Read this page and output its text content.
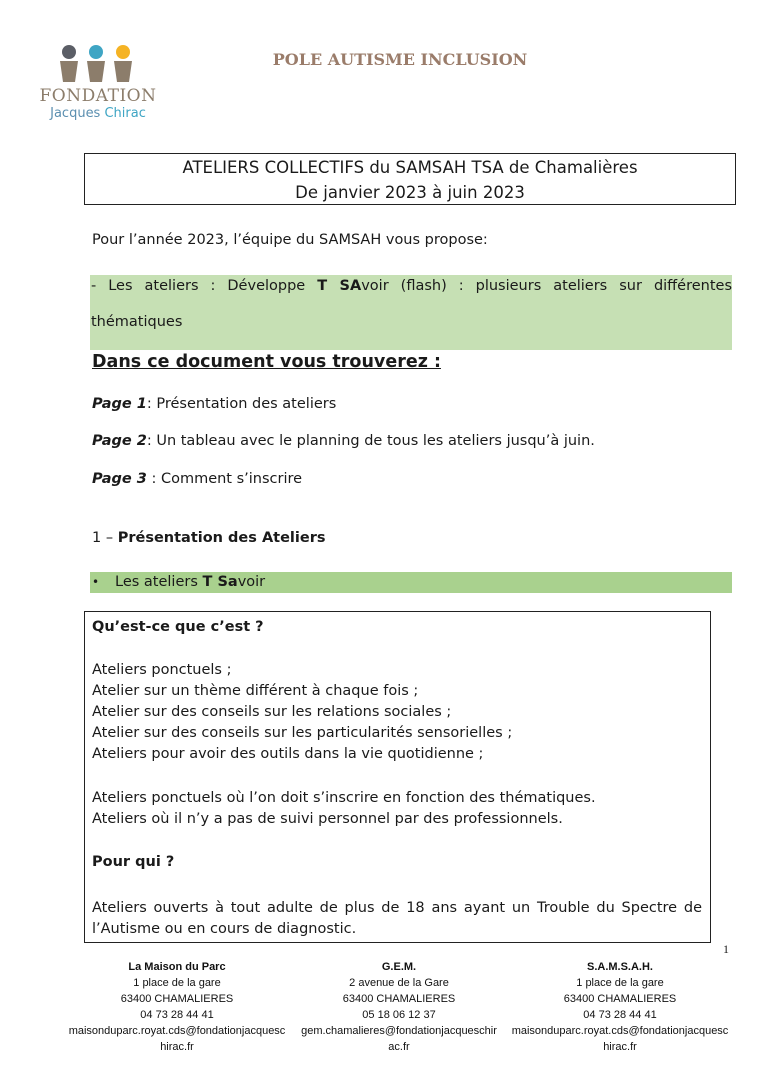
FONDATION
Jacques Chirac
POLE AUTISME INCLUSION
ATELIERS COLLECTIFS du SAMSAH TSA de Chamalières
De janvier 2023 à juin 2023
Pour l’année 2023, l’équipe du SAMSAH vous propose:
- Les ateliers : Développe T SAvoir (flash) : plusieurs ateliers sur différentes
thématiques
Dans ce document vous trouverez :
Page 1: Présentation des ateliers
Page 2: Un tableau avec le planning de tous les ateliers jusqu’à juin.
Page 3 : Comment s’inscrire
1 – Présentation des Ateliers
• Les ateliers T Savoir
Qu’est-ce que c’est ?
Ateliers ponctuels ;
Atelier sur un thème différent à chaque fois ;
Atelier sur des conseils sur les relations sociales ;
Atelier sur des conseils sur les particularités sensorielles ;
Ateliers pour avoir des outils dans la vie quotidienne ;
Ateliers ponctuels où l’on doit s’inscrire en fonction des thématiques.
Ateliers où il n’y a pas de suivi personnel par des professionnels.
Pour qui ?
Ateliers ouverts à tout adulte de plus de 18 ans ayant un Trouble du Spectre de l’Autisme ou en cours de diagnostic.
1
La Maison du Parc
1 place de la gare
63400 CHAMALIERES
04 73 28 44 41
maisonduparc.royat.cds@fondationjacqueschirac.fr
G.E.M.
2 avenue de la Gare
63400 CHAMALIERES
05 18 06 12 37
gem.chamalieres@fondationjacqueschirac.fr
S.A.M.S.A.H.
1 place de la gare
63400 CHAMALIERES
04 73 28 44 41
maisonduparc.royat.cds@fondationjacqueschirac.fr
